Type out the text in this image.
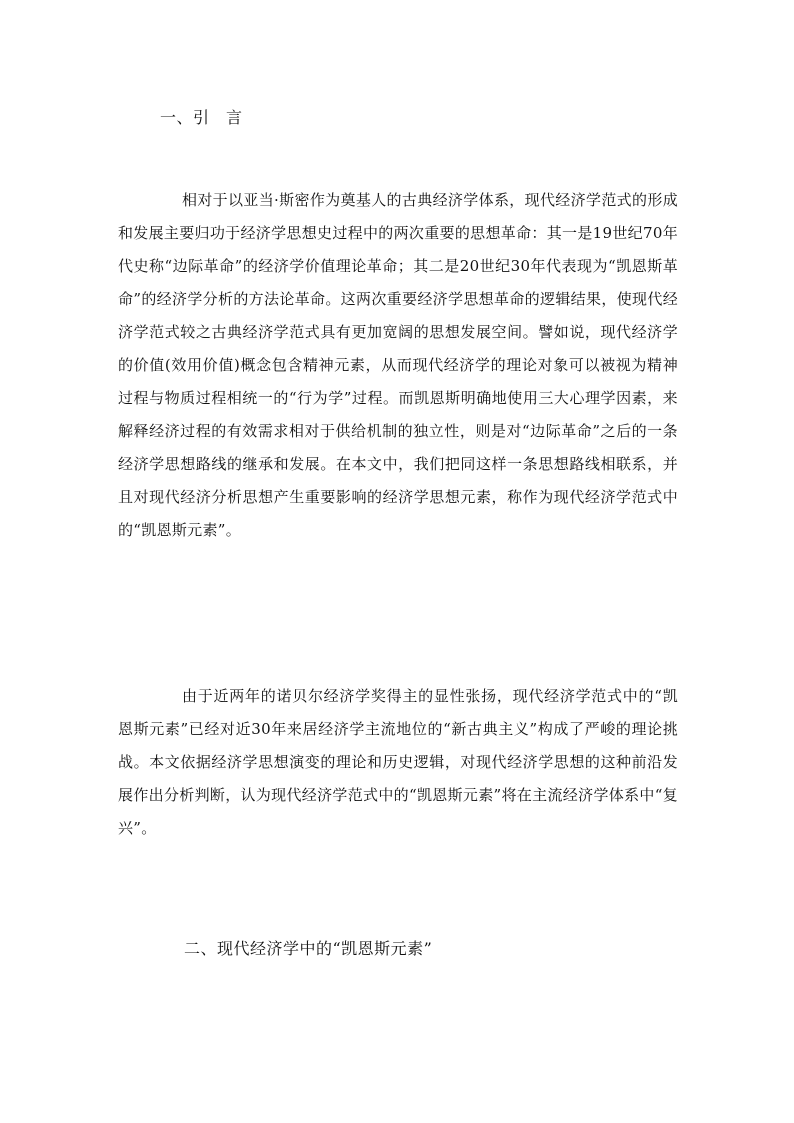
一、引　言

相对于以亚当·斯密作为奠基人的古典经济学体系，现代经济学范式的形成和发展主要归功于经济学思想史过程中的两次重要的思想革命：其一是19世纪70年代史称“边际革命”的经济学价值理论革命；其二是20世纪30年代表现为“凯恩斯革命”的经济学分析的方法论革命。这两次重要经济学思想革命的逻辑结果，使现代经济学范式较之古典经济学范式具有更加宽阔的思想发展空间。譬如说，现代经济学的价值(效用价值)概念包含精神元素，从而现代经济学的理论对象可以被视为精神过程与物质过程相统一的“行为学”过程。而凯恩斯明确地使用三大心理学因素，来解释经济过程的有效需求相对于供给机制的独立性，则是对“边际革命”之后的一条经济学思想路线的继承和发展。在本文中，我们把同这样一条思想路线相联系，并且对现代经济分析思想产生重要影响的经济学思想元素，称作为现代经济学范式中的“凯恩斯元素”。

由于近两年的诺贝尔经济学奖得主的显性张扬，现代经济学范式中的“凯恩斯元素”已经对近30年来居经济学主流地位的“新古典主义”构成了严峻的理论挑战。本文依据经济学思想演变的理论和历史逻辑，对现代经济学思想的这种前沿发展作出分析判断，认为现代经济学范式中的“凯恩斯元素”将在主流经济学体系中“复兴”。

二、现代经济学中的“凯恩斯元素”
